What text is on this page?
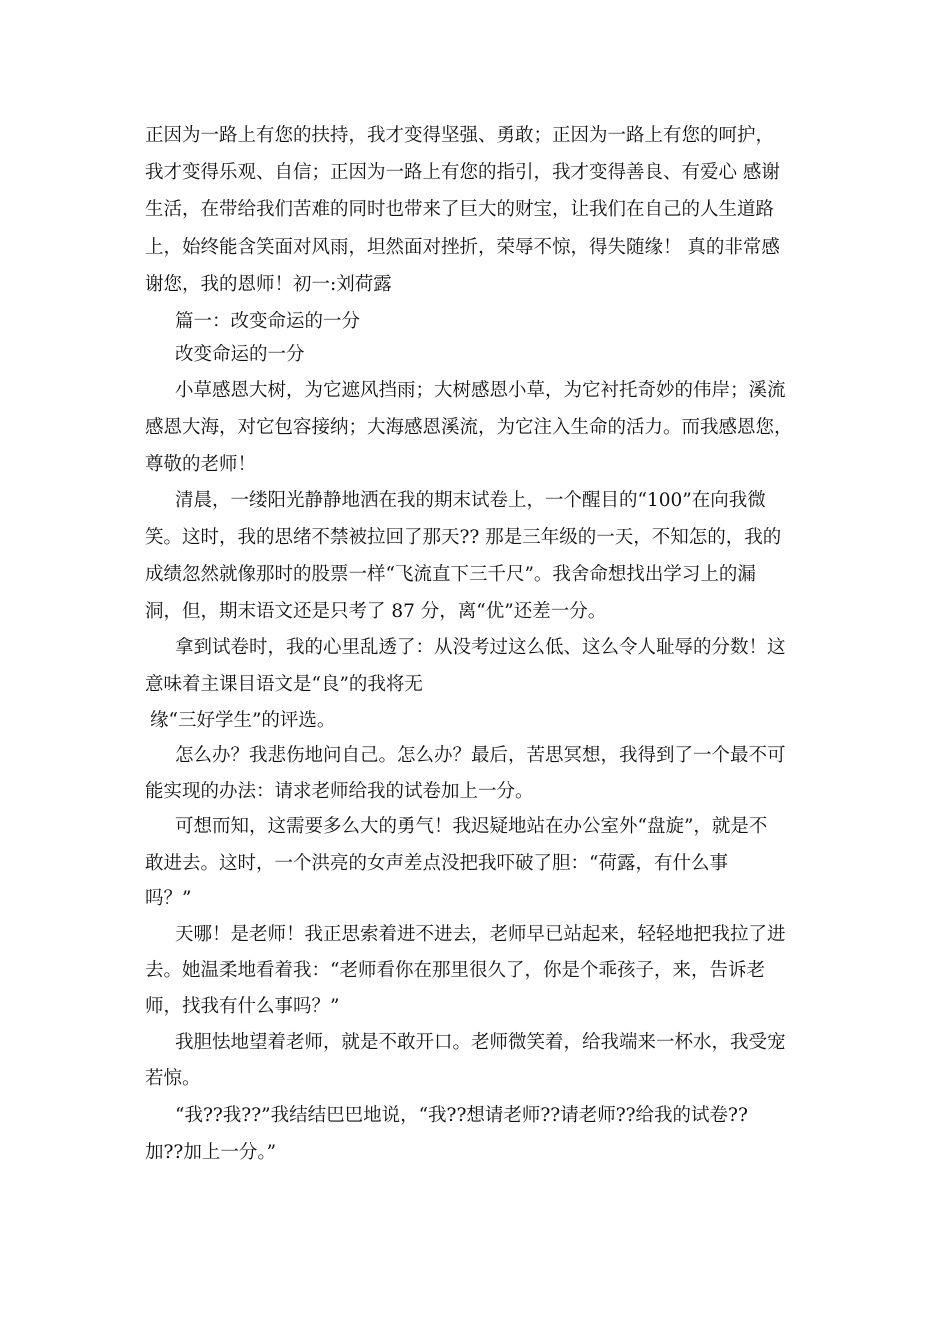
正因为一路上有您的扶持，我才变得坚强、勇敢；正因为一路上有您的呵护，
我才变得乐观、自信；正因为一路上有您的指引，我才变得善良、有爱心 感谢
生活，在带给我们苦难的同时也带来了巨大的财宝，让我们在自己的人生道路
上，始终能含笑面对风雨，坦然面对挫折，荣辱不惊，得失随缘！ 真的非常感
谢您，我的恩师！初一:刘荷露
篇一：改变命运的一分
改变命运的一分
小草感恩大树，为它遮风挡雨；大树感恩小草，为它衬托奇妙的伟岸；溪流
感恩大海，对它包容接纳；大海感恩溪流，为它注入生命的活力。而我感恩您，
尊敬的老师！
清晨，一缕阳光静静地洒在我的期末试卷上，一个醒目的“100”在向我微
笑。这时，我的思绪不禁被拉回了那天?? 那是三年级的一天，不知怎的，我的
成绩忽然就像那时的股票一样“飞流直下三千尺”。我舍命想找出学习上的漏
洞，但，期末语文还是只考了 87 分，离“优”还差一分。
拿到试卷时，我的心里乱透了：从没考过这么低、这么令人耻辱的分数！这
意味着主课目语文是“良”的我将无
缘“三好学生”的评选。
怎么办？我悲伤地问自己。怎么办？最后，苦思冥想，我得到了一个最不可
能实现的办法：请求老师给我的试卷加上一分。
可想而知，这需要多么大的勇气！我迟疑地站在办公室外“盘旋”，就是不
敢进去。这时，一个洪亮的女声差点没把我吓破了胆：“荷露，有什么事
吗？”
天哪！是老师！我正思索着进不进去，老师早已站起来，轻轻地把我拉了进
去。她温柔地看着我：“老师看你在那里很久了，你是个乖孩子，来，告诉老
师，找我有什么事吗？”
我胆怯地望着老师，就是不敢开口。老师微笑着，给我端来一杯水，我受宠
若惊。
“我??我??”我结结巴巴地说，“我??想请老师??请老师??给我的试卷??
加??加上一分。”
